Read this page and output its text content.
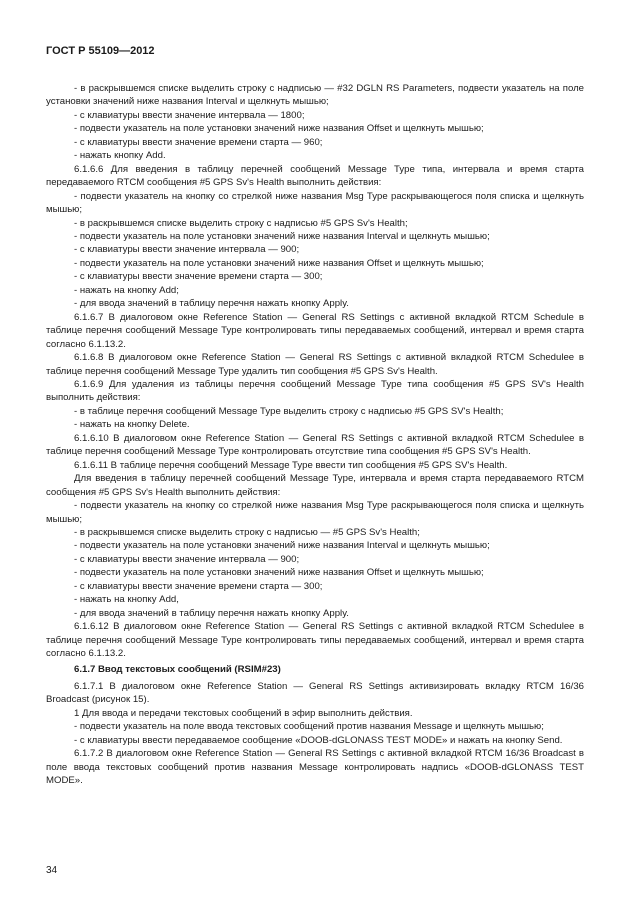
ГОСТ Р 55109—2012

- в раскрывшемся списке выделить строку с надписью — #32 DGLN RS Parameters, подвести указатель на поле установки значений ниже названия Interval и щелкнуть мышью;

- с клавиатуры ввести значение интервала — 1800;

- подвести указатель на поле установки значений ниже названия Offset и щелкнуть мышью;

- с клавиатуры ввести значение времени старта — 960;

- нажать кнопку Add.

6.1.6.6 Для введения в таблицу перечней сообщений Message Type типа, интервала и время старта передаваемого RTCM сообщения #5 GPS Sv's Health выполнить действия:

- подвести указатель на кнопку со стрелкой ниже названия Msg Type раскрывающегося поля списка и щелкнуть мышью;

- в раскрывшемся списке выделить строку с надписью #5 GPS Sv's Health;

- подвести указатель на поле установки значений ниже названия Interval и щелкнуть мышью;

- с клавиатуры ввести значение интервала — 900;

- подвести указатель на поле установки значений ниже названия Offset и щелкнуть мышью;

- с клавиатуры ввести значение времени старта — 300;

- нажать на кнопку Add;

- для ввода значений в таблицу перечня нажать кнопку Apply.

6.1.6.7 В диалоговом окне Reference Station — General RS Settings с активной вкладкой RTCM Schedule в таблице перечня сообщений Message Type контролировать типы передаваемых сообщений, интервал и время старта согласно 6.1.13.2.

6.1.6.8 В диалоговом окне Reference Station — General RS Settings с активной вкладкой RTCM Schedulee в таблице перечня сообщений Message Type удалить тип сообщения #5 GPS Sv's Health.

6.1.6.9 Для удаления из таблицы перечня сообщений Message Type типа сообщения #5 GPS SV's Health выполнить действия:

- в таблице перечня сообщений Message Type выделить строку с надписью #5 GPS SV's Health;

- нажать на кнопку Delete.

6.1.6.10 В диалоговом окне Reference Station — General RS Settings с активной вкладкой RTCM Schedulee в таблице перечня сообщений Message Type контролировать отсутствие типа сообщения #5 GPS SV's Health.

6.1.6.11 В таблице перечня сообщений Message Type ввести тип сообщения #5 GPS SV's Health.

Для введения в таблицу перечней сообщений Message Type, интервала и время старта передаваемого RTCM сообщения #5 GPS Sv's Health выполнить действия:

- подвести указатель на кнопку со стрелкой ниже названия Msg Type раскрывающегося поля списка и щелкнуть мышью;

- в раскрывшемся списке выделить строку с надписью — #5 GPS Sv's Health;

- подвести указатель на поле установки значений ниже названия Interval и щелкнуть мышью;

- с клавиатуры ввести значение интервала — 900;

- подвести указатель на поле установки значений ниже названия Offset и щелкнуть мышью;

- с клавиатуры ввести значение времени старта — 300;

- нажать на кнопку Add,

- для ввода значений в таблицу перечня нажать кнопку Apply.

6.1.6.12 В диалоговом окне Reference Station — General RS Settings с активной вкладкой RTCM Schedulee в таблице перечня сообщений Message Type контролировать типы передаваемых сообщений, интервал и время старта согласно 6.1.13.2.

6.1.7 Ввод текстовых сообщений (RSIM#23)

6.1.7.1 В диалоговом окне Reference Station — General RS Settings активизировать вкладку RTCM 16/36 Broadcast (рисунок 15).

1 Для ввода и передачи текстовых сообщений в эфир выполнить действия.

- подвести указатель на поле ввода текстовых сообщений против названия Message и щелкнуть мышью;

- с клавиатуры ввести передаваемое сообщение «DOOB-dGLONASS TEST MODE» и нажать на кнопку Send.

6.1.7.2 В диалоговом окне Reference Station — General RS Settings с активной вкладкой RTCM 16/36 Broadcast в поле ввода текстовых сообщений против названия Message контролировать надпись «DOOB-dGLONASS TEST MODE».

34
